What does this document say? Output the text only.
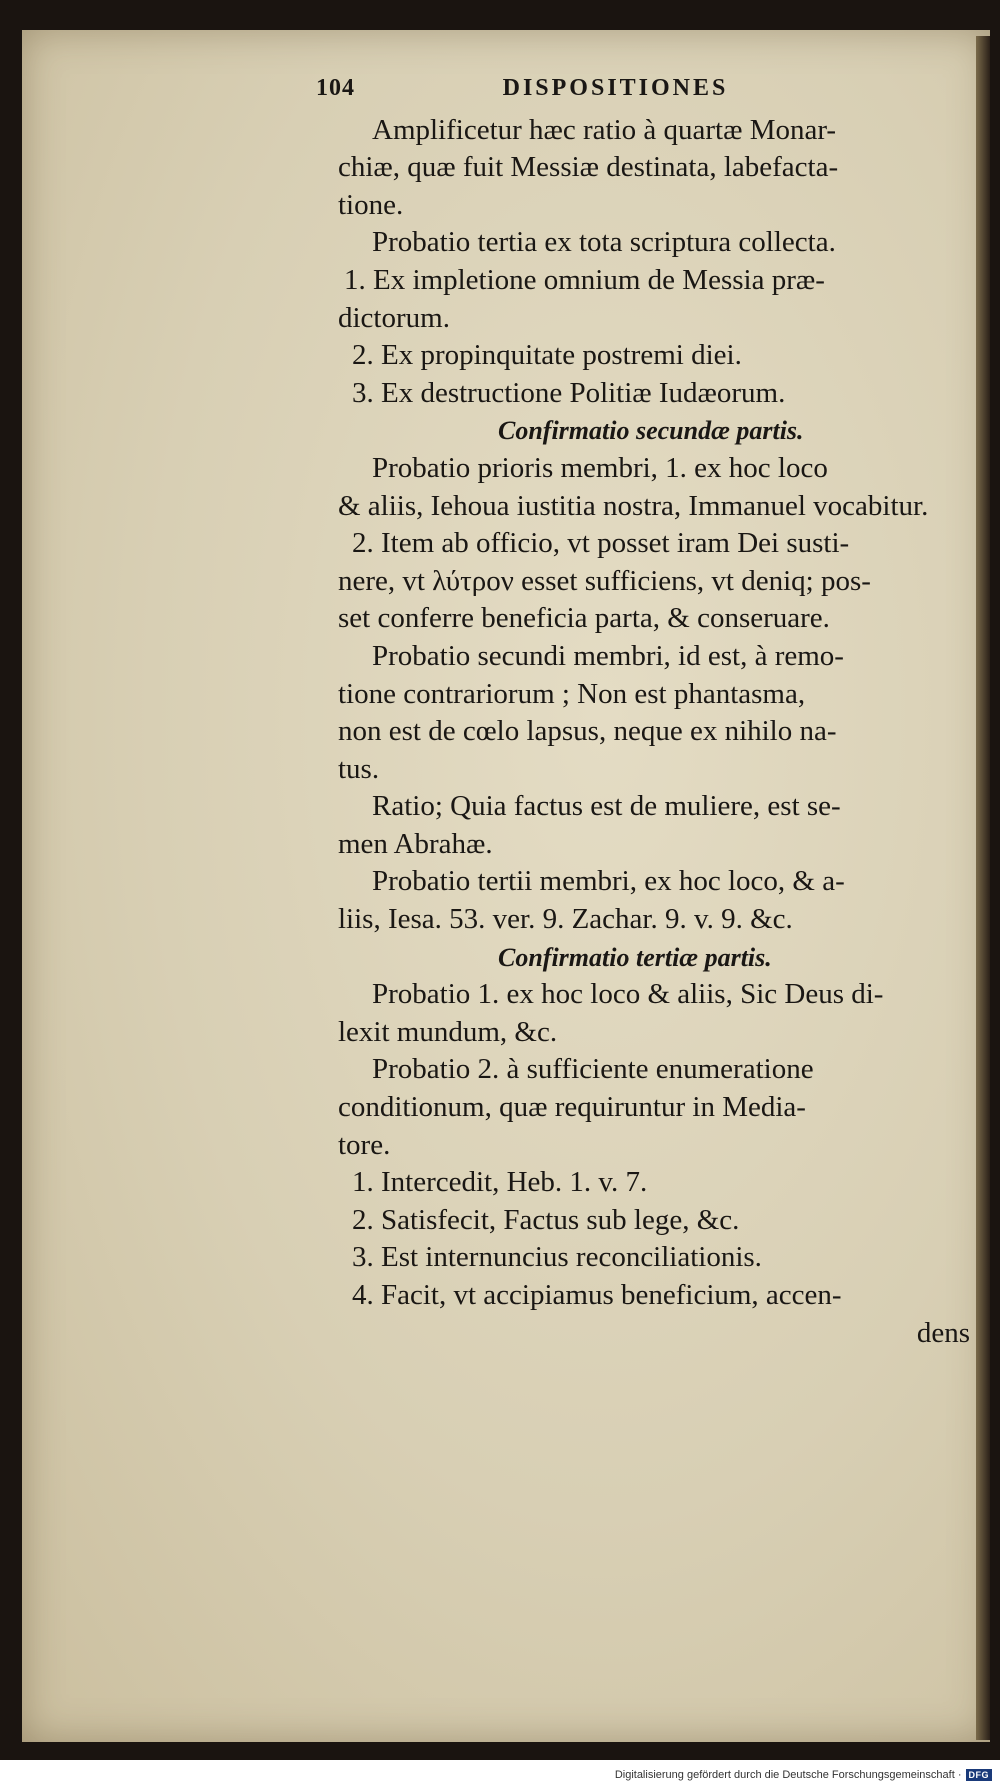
104	DISPOSITIONES
Amplificetur hæc ratio à quartæ Monar-
chiæ, quæ fuit Messiæ destinata, labefacta-
tione.
Probatio tertia ex tota scriptura collecta.
1. Ex impletione omnium de Messia præ-
dictorum.
2. Ex propinquitate postremi diei.
3. Ex destructione Politiæ Iudæorum.
Confirmatio secundæ partis.
Probatio prioris membri, 1. ex hoc loco
& aliis, Iehoua iustitia nostra, Immanuel vocabitur.
2. Item ab officio, vt posset iram Dei susti-
nere, vt λύτρον esset sufficiens, vt deniq; pos-
set conferre beneficia parta, & conseruare.
Probatio secundi membri, id est, à remo-
tione contrariorum ; Non est phantasma,
non est de cœlo lapsus, neque ex nihilo na-
tus.
Ratio; Quia factus est de muliere, est se-
men Abrahæ.
Probatio tertii membri, ex hoc loco, & a-
liis, Iesa. 53. ver. 9. Zachar. 9. v. 9. &c.
Confirmatio tertiæ partis.
Probatio 1. ex hoc loco & aliis, Sic Deus di-
lexit mundum, &c.
Probatio 2. à sufficiente enumeratione
conditionum, quæ requiruntur in Media-
tore.
1. Intercedit, Heb. 1. v. 7.
2. Satisfecit, Factus sub lege, &c.
3. Est internuncius reconciliationis.
4. Facit, vt accipiamus beneficium, accen-
dens
Digitalisierung gefördert durch die Deutsche Forschungsgemeinschaft · DFG
